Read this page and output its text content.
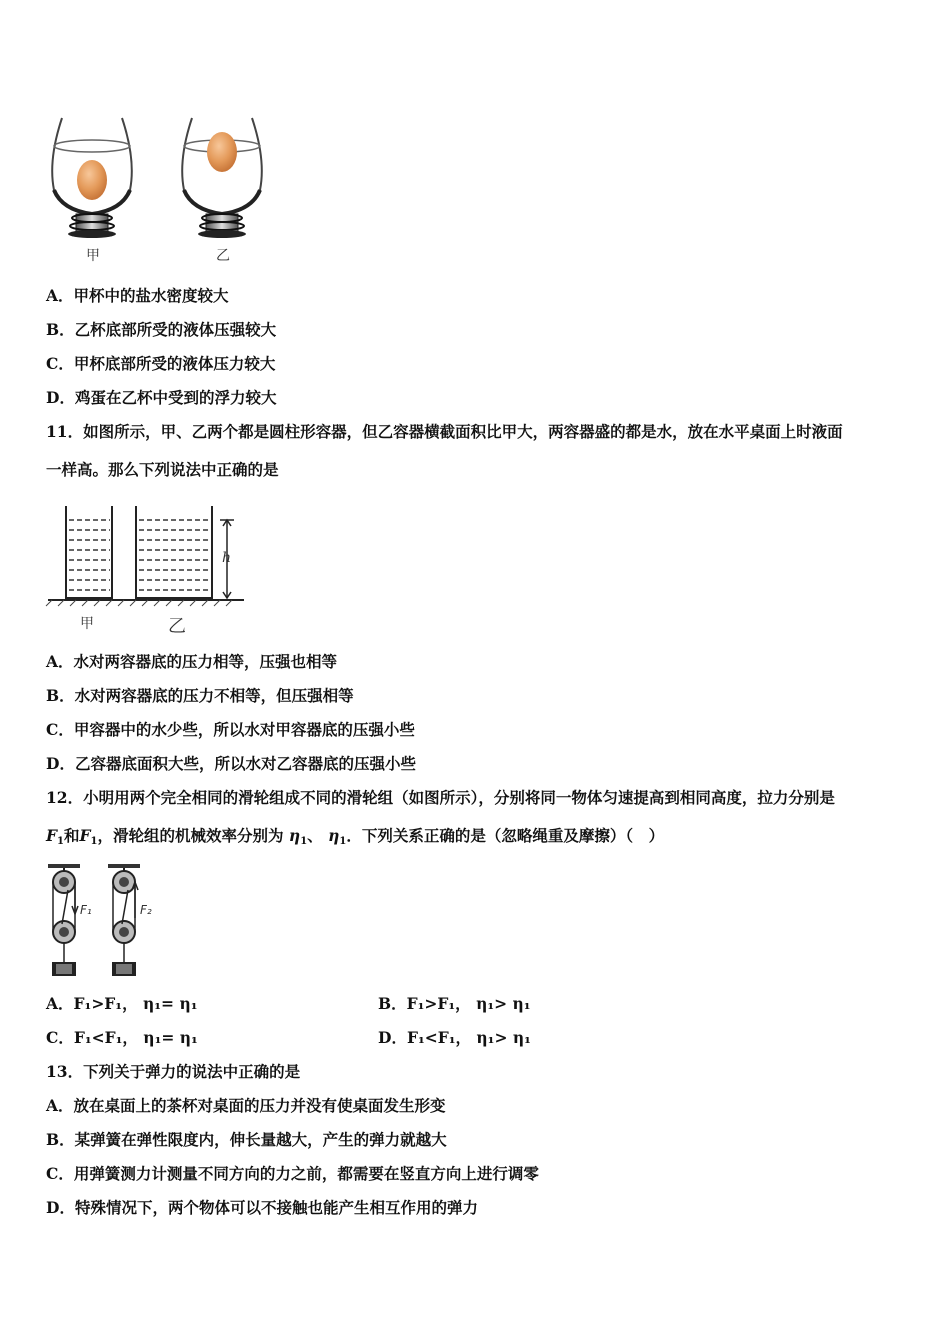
甲	乙
A．甲杯中的盐水密度较大
B．乙杯底部所受的液体压强较大
C．甲杯底部所受的液体压力较大
D．鸡蛋在乙杯中受到的浮力较大
11．如图所示，甲、乙两个都是圆柱形容器，但乙容器横截面积比甲大，两容器盛的都是水，放在水平桌面上时液面
一样高。那么下列说法中正确的是
h
甲	乙
A．水对两容器底的压力相等，压强也相等
B．水对两容器底的压力不相等，但压强相等
C．甲容器中的水少些，所以水对甲容器底的压强小些
D．乙容器底面积大些，所以水对乙容器底的压强小些
12．小明用两个完全相同的滑轮组成不同的滑轮组（如图所示），分别将同一物体匀速提高到相同高度，拉力分别是
$F_1$和$F_1$，滑轮组的机械效率分别为 $\eta_1$、 $\eta_1$．下列关系正确的是（忽略绳重及摩擦）（　）
F₁	F₂
A．F₁>F₁， η₁= η₁	B．F₁>F₁， η₁> η₁
C．F₁<F₁， η₁= η₁	D．F₁<F₁， η₁> η₁
13．下列关于弹力的说法中正确的是
A．放在桌面上的茶杯对桌面的压力并没有使桌面发生形变
B．某弹簧在弹性限度内，伸长量越大，产生的弹力就越大
C．用弹簧测力计测量不同方向的力之前，都需要在竖直方向上进行调零
D．特殊情况下，两个物体可以不接触也能产生相互作用的弹力
